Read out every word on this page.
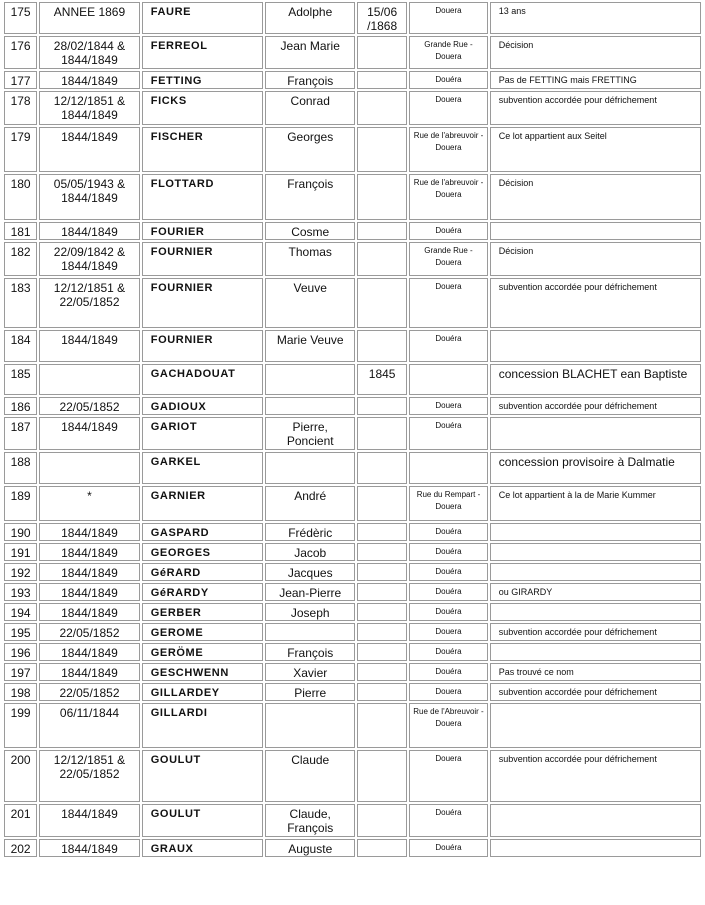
175	ANNEE 1869	FAURE	Adolphe	15/06 /1868	Douera	13 ans
176	28/02/1844 & 1844/1849	FERREOL	Jean Marie		Grande Rue - Douera	Décision
177	1844/1849	FETTING	François		Douéra	Pas de FETTING mais FRETTING
178	12/12/1851 & 1844/1849	FICKS	Conrad		Douera	subvention accordée pour défrichement
179	1844/1849	FISCHER	Georges		Rue de l'abreuvoir - Douera	Ce lot appartient aux Seitel
180	05/05/1943 & 1844/1849	FLOTTARD	François		Rue de l'abreuvoir - Douera	Décision
181	1844/1849	FOURIER	Cosme		Douéra	
182	22/09/1842 & 1844/1849	FOURNIER	Thomas		Grande Rue - Douera	Décision
183	12/12/1851 & 22/05/1852	FOURNIER	Veuve		Douera	subvention accordée pour défrichement
184	1844/1849	FOURNIER	Marie Veuve		Douéra	
185		GACHADOUAT		1845		concession BLACHET ean Baptiste
186	22/05/1852	GADIOUX			Douera	subvention accordée pour défrichement
187	1844/1849	GARIOT	Pierre, Poncient		Douéra	
188		GARKEL				concession provisoire à Dalmatie
189	*	GARNIER	André		Rue du Rempart - Douera	Ce lot appartient à la de Marie Kummer
190	1844/1849	GASPARD	Frédèric		Douéra	
191	1844/1849	GEORGES	Jacob		Douéra	
192	1844/1849	GéRARD	Jacques		Douéra	
193	1844/1849	GéRARDY	Jean-Pierre		Douéra	ou GIRARDY
194	1844/1849	GERBER	Joseph		Douéra	
195	22/05/1852	GEROME			Douera	subvention accordée pour défrichement
196	1844/1849	GERÖME	François		Douéra	
197	1844/1849	GESCHWENN	Xavier		Douéra	Pas trouvé ce nom
198	22/05/1852	GILLARDEY	Pierre		Douera	subvention accordée pour défrichement
199	06/11/1844	GILLARDI			Rue de l'Abreuvoir - Douera	
200	12/12/1851 & 22/05/1852	GOULUT	Claude		Douera	subvention accordée pour défrichement
201	1844/1849	GOULUT	Claude, François		Douéra	
202	1844/1849	GRAUX	Auguste		Douéra	
